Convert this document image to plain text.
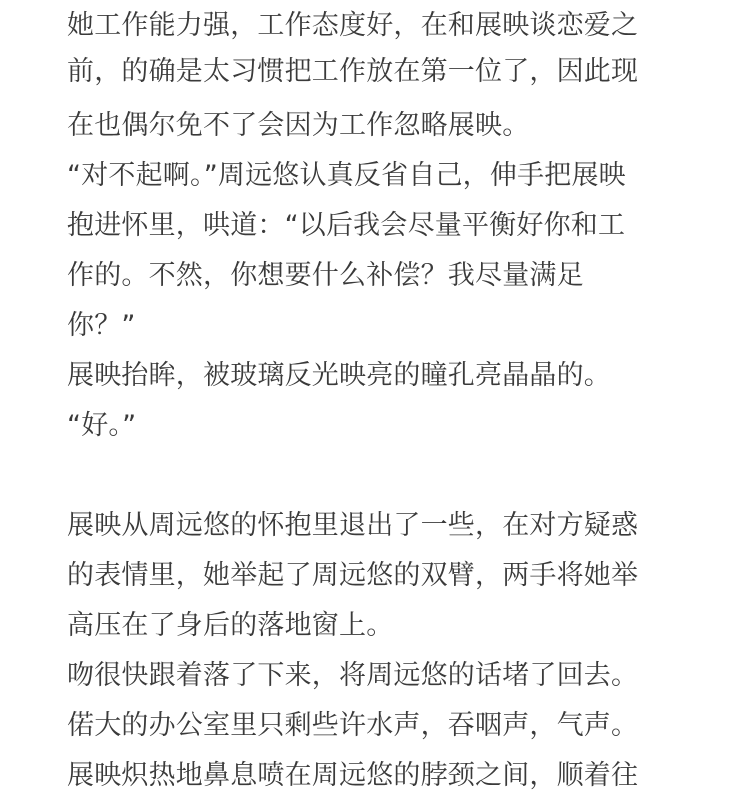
她工作能力强，工作态度好，在和展映谈恋爱之
前，的确是太习惯把工作放在第一位了，因此现
在也偶尔免不了会因为工作忽略展映。
“对不起啊。”周远悠认真反省自己，伸手把展映
抱进怀里，哄道：“以后我会尽量平衡好你和工
作的。不然，你想要什么补偿？我尽量满足
你？”
展映抬眸，被玻璃反光映亮的瞳孔亮晶晶的。
“好。”
展映从周远悠的怀抱里退出了一些，在对方疑惑
的表情里，她举起了周远悠的双臂，两手将她举
高压在了身后的落地窗上。
吻很快跟着落了下来，将周远悠的话堵了回去。
偌大的办公室里只剩些许水声，吞咽声，气声。
展映炽热地鼻息喷在周远悠的脖颈之间，顺着往
